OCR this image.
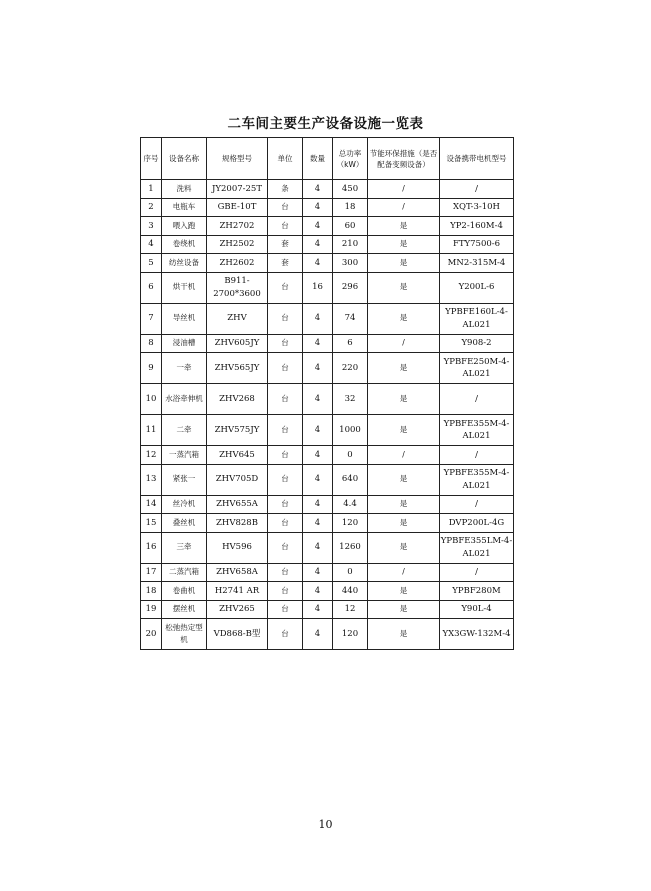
二车间主要生产设备设施一览表
序号	设备名称	规格型号	单位	数量	总功率（kW）	节能环保措施（是否配备变频设备）	设备携带电机型号
1	洗料	JY2007-25T	条	4	450	/	/
2	电瓶车	GBE-10T	台	4	18	/	XQT-3-10H
3	喂入跑	ZH2702	台	4	60	是	YP2-160M-4
4	卷绕机	ZH2502	套	4	210	是	FTY7500-6
5	纺丝设备	ZH2602	套	4	300	是	MN2-315M-4
6	烘干机	B911-2700*3600	台	16	296	是	Y200L-6
7	导丝机	ZHV	台	4	74	是	YPBFE160L-4-AL021
8	浸油槽	ZHV605JY	台	4	6	/	Y908-2
9	一牵	ZHV565JY	台	4	220	是	YPBFE250M-4-AL021
10	水浴牵伸机	ZHV268	台	4	32	是	/
11	二牵	ZHV575JY	台	4	1000	是	YPBFE355M-4-AL021
12	一蒸汽箱	ZHV645	台	4	0	/	/
13	紧张一	ZHV705D	台	4	640	是	YPBFE355M-4-AL021
14	丝冷机	ZHV655A	台	4	4.4	是	/
15	叠丝机	ZHV828B	台	4	120	是	DVP200L-4G
16	三牵	HV596	台	4	1260	是	YPBFE355LM-4-AL021
17	二蒸汽箱	ZHV658A	台	4	0	/	/
18	卷曲机	H2741 AR	台	4	440	是	YPBF280M
19	摆丝机	ZHV265	台	4	12	是	Y90L-4
20	松弛热定型机	VD868-B型	台	4	120	是	YX3GW-132M-4
10
